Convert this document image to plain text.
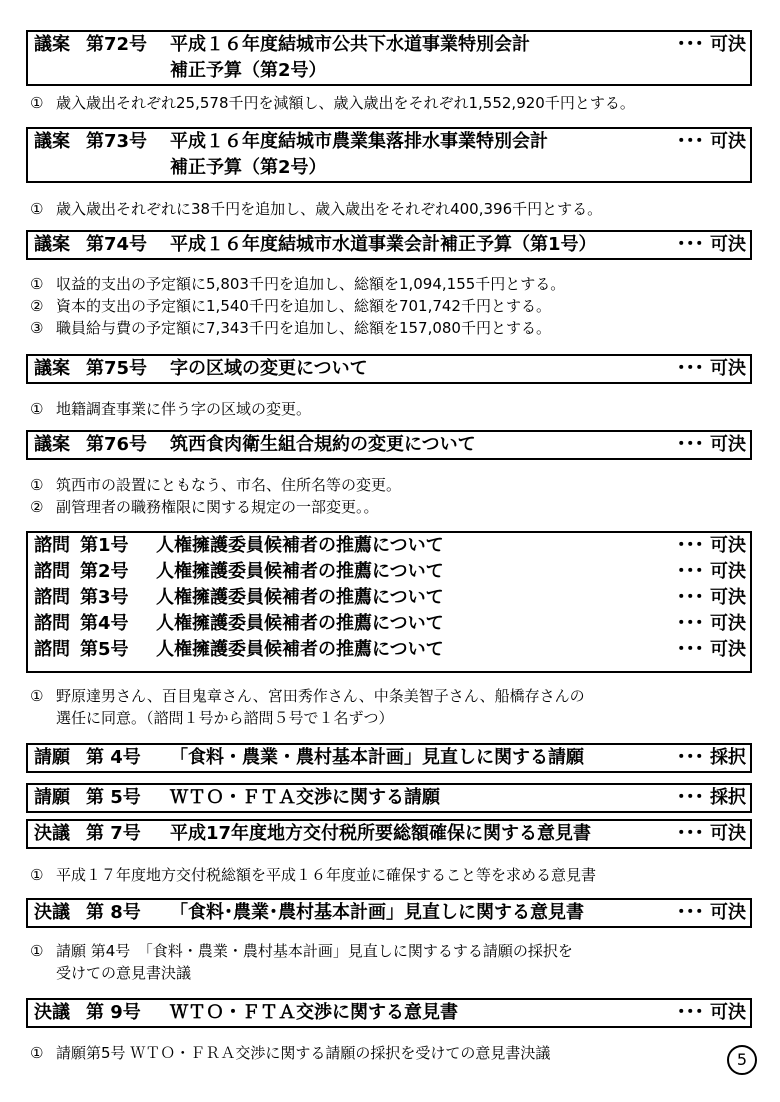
議案 第72号 平成１６年度結城市公共下水道事業特別会計	･･･ 可決
補正予算（第2号）
① 歳入歳出それぞれ25,578千円を減額し、歳入歳出をそれぞれ1,552,920千円とする。
議案 第73号 平成１６年度結城市農業集落排水事業特別会計	･･･ 可決
補正予算（第2号）
① 歳入歳出それぞれに38千円を追加し、歳入歳出をそれぞれ400,396千円とする。
議案 第74号 平成１６年度結城市水道事業会計補正予算（第1号）	･･･ 可決
① 収益的支出の予定額に5,803千円を追加し、総額を1,094,155千円とする。
② 資本的支出の予定額に1,540千円を追加し、総額を701,742千円とする。
③ 職員給与費の予定額に7,343千円を追加し、総額を157,080千円とする。
議案 第75号 字の区域の変更について	･･･ 可決
① 地籍調査事業に伴う字の区域の変更。
議案 第76号 筑西食肉衛生組合規約の変更について	･･･ 可決
① 筑西市の設置にともなう、市名、住所名等の変更。
② 副管理者の職務権限に関する規定の一部変更。。
諮問 第1号 人権擁護委員候補者の推薦について	･･･ 可決
諮問 第2号 人権擁護委員候補者の推薦について	･･･ 可決
諮問 第3号 人権擁護委員候補者の推薦について	･･･ 可決
諮問 第4号 人権擁護委員候補者の推薦について	･･･ 可決
諮問 第5号 人権擁護委員候補者の推薦について	･･･ 可決
① 野原達男さん、百目鬼章さん、宮田秀作さん、中条美智子さん、船橋存さんの
選任に同意。（諮問１号から諮問５号で１名ずつ）
請願 第 4号 「食料・農業・農村基本計画」見直しに関する請願	･･･ 採択
請願 第 5号 ＷＴＯ・ＦＴＡ交渉に関する請願	･･･ 採択
決議 第 7号 平成17年度地方交付税所要総額確保に関する意見書	･･･ 可決
① 平成１７年度地方交付税総額を平成１６年度並に確保すること等を求める意見書
決議 第 8号 「食料･農業･農村基本計画」見直しに関する意見書	･･･ 可決
① 請願 第4号　「食料・農業・農村基本計画」見直しに関するする請願の採択を
受けての意見書決議
決議 第 9号 ＷＴＯ・ＦＴＡ交渉に関する意見書	･･･ 可決
① 請願第5号 ＷＴＯ・ＦＲＡ交渉に関する請願の採択を受けての意見書決議	5
